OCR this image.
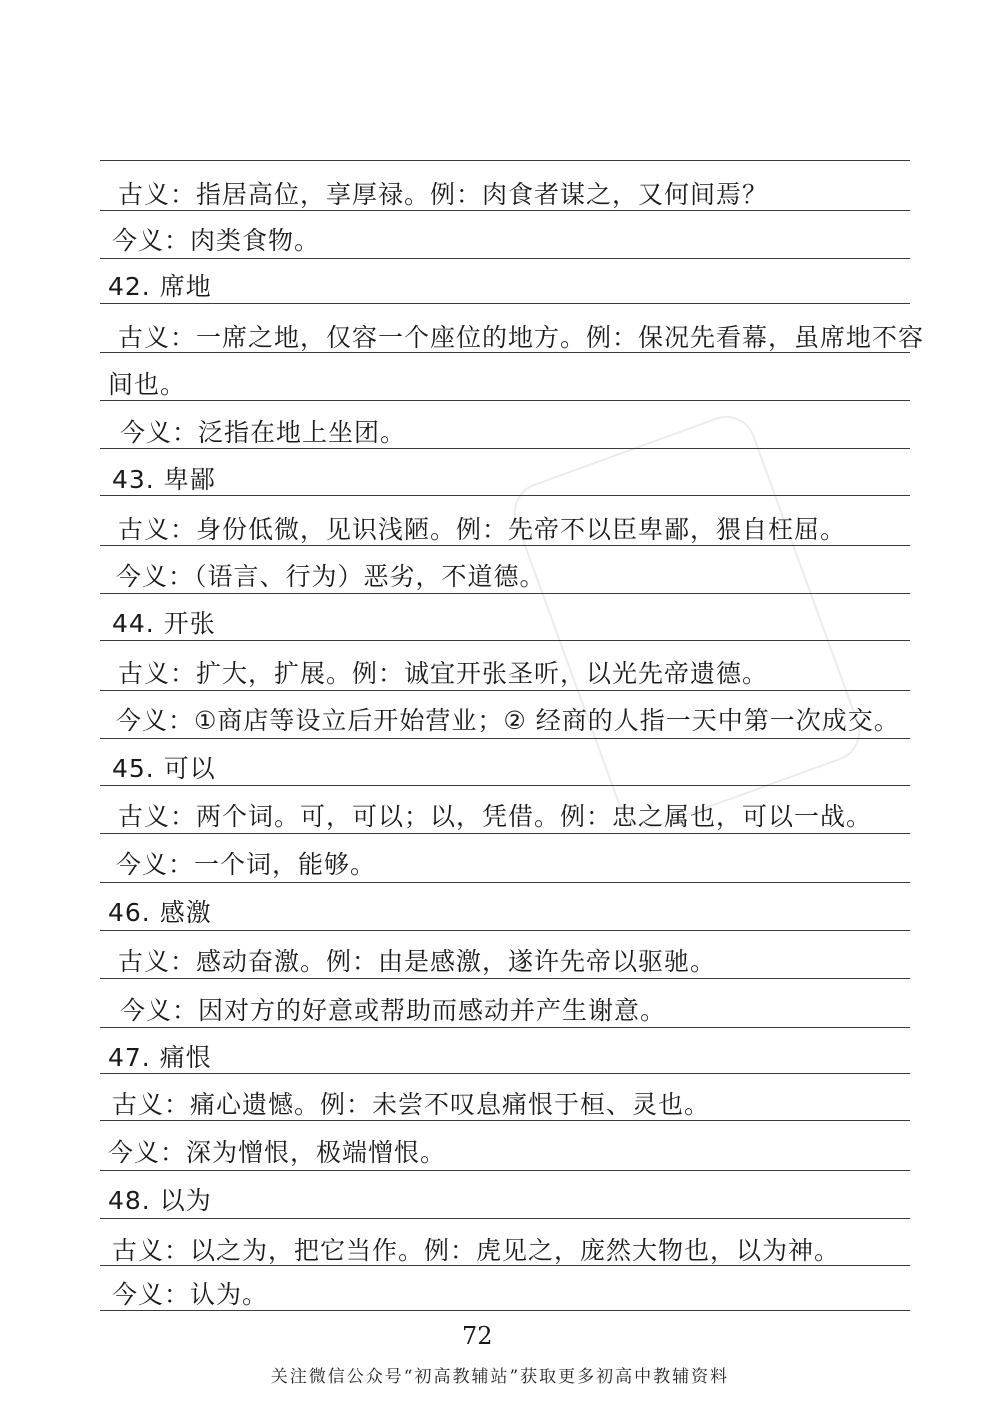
古义：指居高位，享厚禄。例：肉食者谋之，又何间焉？
今义：肉类食物。
42. 席地
古义：一席之地，仅容一个座位的地方。例：保况先看幕，虽席地不容
间也。
今义：泛指在地上坐团。
43. 卑鄙
古义：身份低微，见识浅陋。例：先帝不以臣卑鄙，猥自枉屈。
今义：（语言、行为）恶劣，不道德。
44. 开张
古义：扩大，扩展。例：诚宜开张圣听，以光先帝遗德。
今义：①商店等设立后开始营业；② 经商的人指一天中第一次成交。
45. 可以
古义：两个词。可，可以；以，凭借。例：忠之属也，可以一战。
今义：一个词，能够。
46. 感激
古义：感动奋激。例：由是感激，遂许先帝以驱驰。
今义：因对方的好意或帮助而感动并产生谢意。
47. 痛恨
古义：痛心遗憾。例：未尝不叹息痛恨于桓、灵也。
今义：深为憎恨，极端憎恨。
48. 以为
古义：以之为，把它当作。例：虎见之，庞然大物也，以为神。
今义：认为。
72
关注微信公众号“初高教辅站”获取更多初高中教辅资料
